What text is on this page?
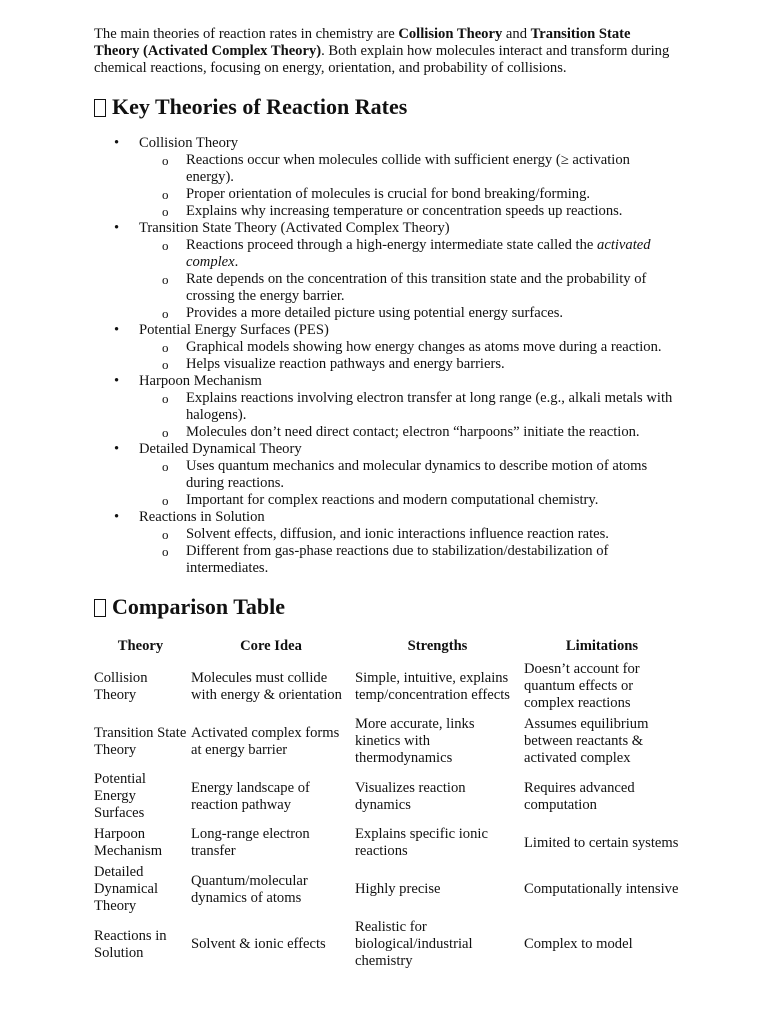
The main theories of reaction rates in chemistry are Collision Theory and Transition State Theory (Activated Complex Theory). Both explain how molecules interact and transform during chemical reactions, focusing on energy, orientation, and probability of collisions.

Key Theories of Reaction Rates
• Collision Theory
o Reactions occur when molecules collide with sufficient energy (≥ activation energy).
o Proper orientation of molecules is crucial for bond breaking/forming.
o Explains why increasing temperature or concentration speeds up reactions.
• Transition State Theory (Activated Complex Theory)
o Reactions proceed through a high-energy intermediate state called the activated complex.
o Rate depends on the concentration of this transition state and the probability of crossing the energy barrier.
o Provides a more detailed picture using potential energy surfaces.
• Potential Energy Surfaces (PES)
o Graphical models showing how energy changes as atoms move during a reaction.
o Helps visualize reaction pathways and energy barriers.
• Harpoon Mechanism
o Explains reactions involving electron transfer at long range (e.g., alkali metals with halogens).
o Molecules don’t need direct contact; electron “harpoons” initiate the reaction.
• Detailed Dynamical Theory
o Uses quantum mechanics and molecular dynamics to describe motion of atoms during reactions.
o Important for complex reactions and modern computational chemistry.
• Reactions in Solution
o Solvent effects, diffusion, and ionic interactions influence reaction rates.
o Different from gas-phase reactions due to stabilization/destabilization of intermediates.
Comparison Table
Theory	Core Idea	Strengths	Limitations
Collision Theory	Molecules must collide with energy & orientation	Simple, intuitive, explains temp/concentration effects	Doesn’t account for quantum effects or complex reactions
Transition State Theory	Activated complex forms at energy barrier	More accurate, links kinetics with thermodynamics	Assumes equilibrium between reactants & activated complex
Potential Energy Surfaces	Energy landscape of reaction pathway	Visualizes reaction dynamics	Requires advanced computation
Harpoon Mechanism	Long-range electron transfer	Explains specific ionic reactions	Limited to certain systems
Detailed Dynamical Theory	Quantum/molecular dynamics of atoms	Highly precise	Computationally intensive
Reactions in Solution	Solvent & ionic effects	Realistic for biological/industrial chemistry	Complex to model
